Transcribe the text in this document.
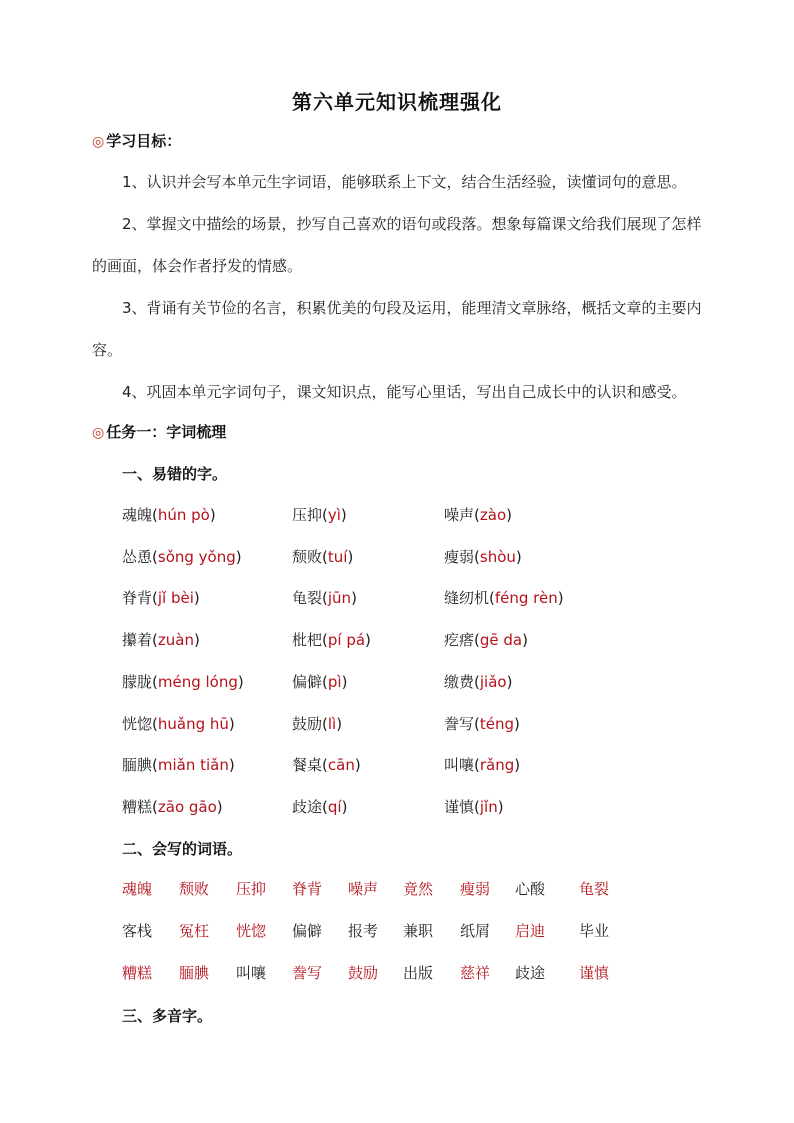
第六单元知识梳理强化
◎ 学习目标：
1、认识并会写本单元生字词语，能够联系上下文，结合生活经验，读懂词句的意思。
2、掌握文中描绘的场景，抄写自己喜欢的语句或段落。想象每篇课文给我们展现了怎样的画面，体会作者抒发的情感。
3、背诵有关节俭的名言，积累优美的句段及运用，能理清文章脉络，概括文章的主要内容。
4、巩固本单元字词句子，课文知识点，能写心里话，写出自己成长中的认识和感受。
◎ 任务一：字词梳理
一、易错的字。
魂魄(hún pò)	压抑(yì)	噪声(zào)
怂恿(sǒng yǒng)	颓败(tuí)	瘦弱(shòu)
脊背(jǐ bèi)	龟裂(jūn)	缝纫机(féng rèn)
攥着(zuàn)	枇杷(pí pá)	疙瘩(gē da)
朦胧(méng lóng)	偏僻(pì)	缴费(jiǎo)
恍惚(huǎng hū)	鼓励(lì)	誊写(téng)
腼腆(miǎn tiǎn)	餐桌(cān)	叫嚷(rǎng)
糟糕(zāo gāo)	歧途(qí)	谨慎(jǐn)
二、会写的词语。
魂魄 颓败 压抑 脊背 噪声 竟然 瘦弱 心酸 龟裂
客栈 冤枉 恍惚 偏僻 报考 兼职 纸屑 启迪 毕业
糟糕 腼腆 叫嚷 誊写 鼓励 出版 慈祥 歧途 谨慎
三、多音字。
